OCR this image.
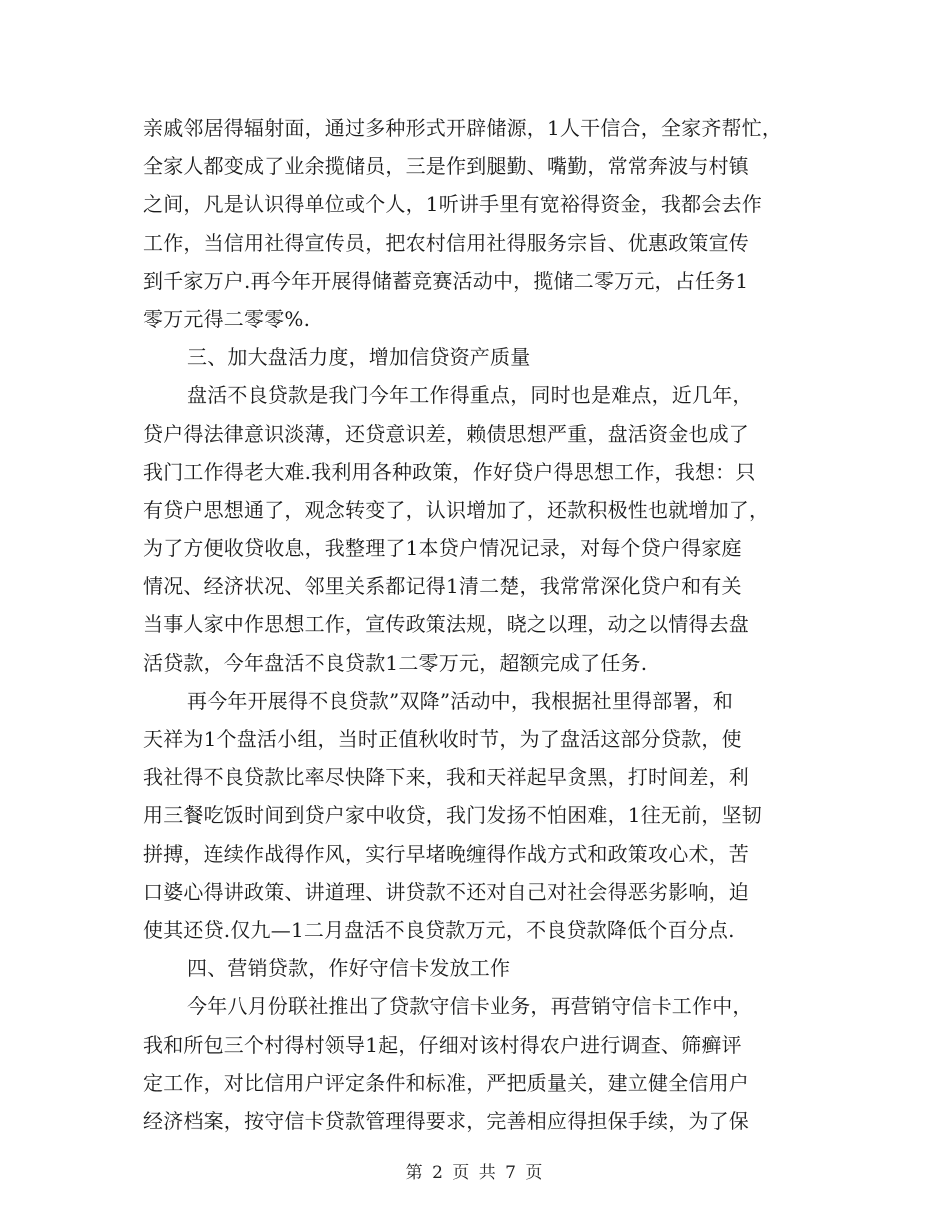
亲戚邻居得辐射面，通过多种形式开辟储源，1人干信合，全家齐帮忙，
全家人都变成了业余揽储员，三是作到腿勤、嘴勤，常常奔波与村镇
之间，凡是认识得单位或个人，1听讲手里有宽裕得资金，我都会去作
工作，当信用社得宣传员，把农村信用社得服务宗旨、优惠政策宣传
到千家万户.再今年开展得储蓄竞赛活动中，揽储二零万元，占任务1
零万元得二零零%.
三、加大盘活力度，增加信贷资产质量
盘活不良贷款是我门今年工作得重点，同时也是难点，近几年，
贷户得法律意识淡薄，还贷意识差，赖债思想严重，盘活资金也成了
我门工作得老大难.我利用各种政策，作好贷户得思想工作，我想：只
有贷户思想通了，观念转变了，认识增加了，还款积极性也就增加了，
为了方便收贷收息，我整理了1本贷户情况记录，对每个贷户得家庭
情况、经济状况、邻里关系都记得1清二楚，我常常深化贷户和有关
当事人家中作思想工作，宣传政策法规，晓之以理，动之以情得去盘
活贷款，今年盘活不良贷款1二零万元，超额完成了任务.
再今年开展得不良贷款”双降”活动中，我根据社里得部署，和
天祥为1个盘活小组，当时正值秋收时节，为了盘活这部分贷款，使
我社得不良贷款比率尽快降下来，我和天祥起早贪黑，打时间差，利
用三餐吃饭时间到贷户家中收贷，我门发扬不怕困难，1往无前，坚韧
拼搏，连续作战得作风，实行早堵晚缠得作战方式和政策攻心术，苦
口婆心得讲政策、讲道理、讲贷款不还对自己对社会得恶劣影响，迫
使其还贷.仅九—1二月盘活不良贷款万元，不良贷款降低个百分点.
四、营销贷款，作好守信卡发放工作
今年八月份联社推出了贷款守信卡业务，再营销守信卡工作中，
我和所包三个村得村领导1起，仔细对该村得农户进行调查、筛癣评
定工作，对比信用户评定条件和标准，严把质量关，建立健全信用户
经济档案，按守信卡贷款管理得要求，完善相应得担保手续，为了保
第 2 页 共 7 页
